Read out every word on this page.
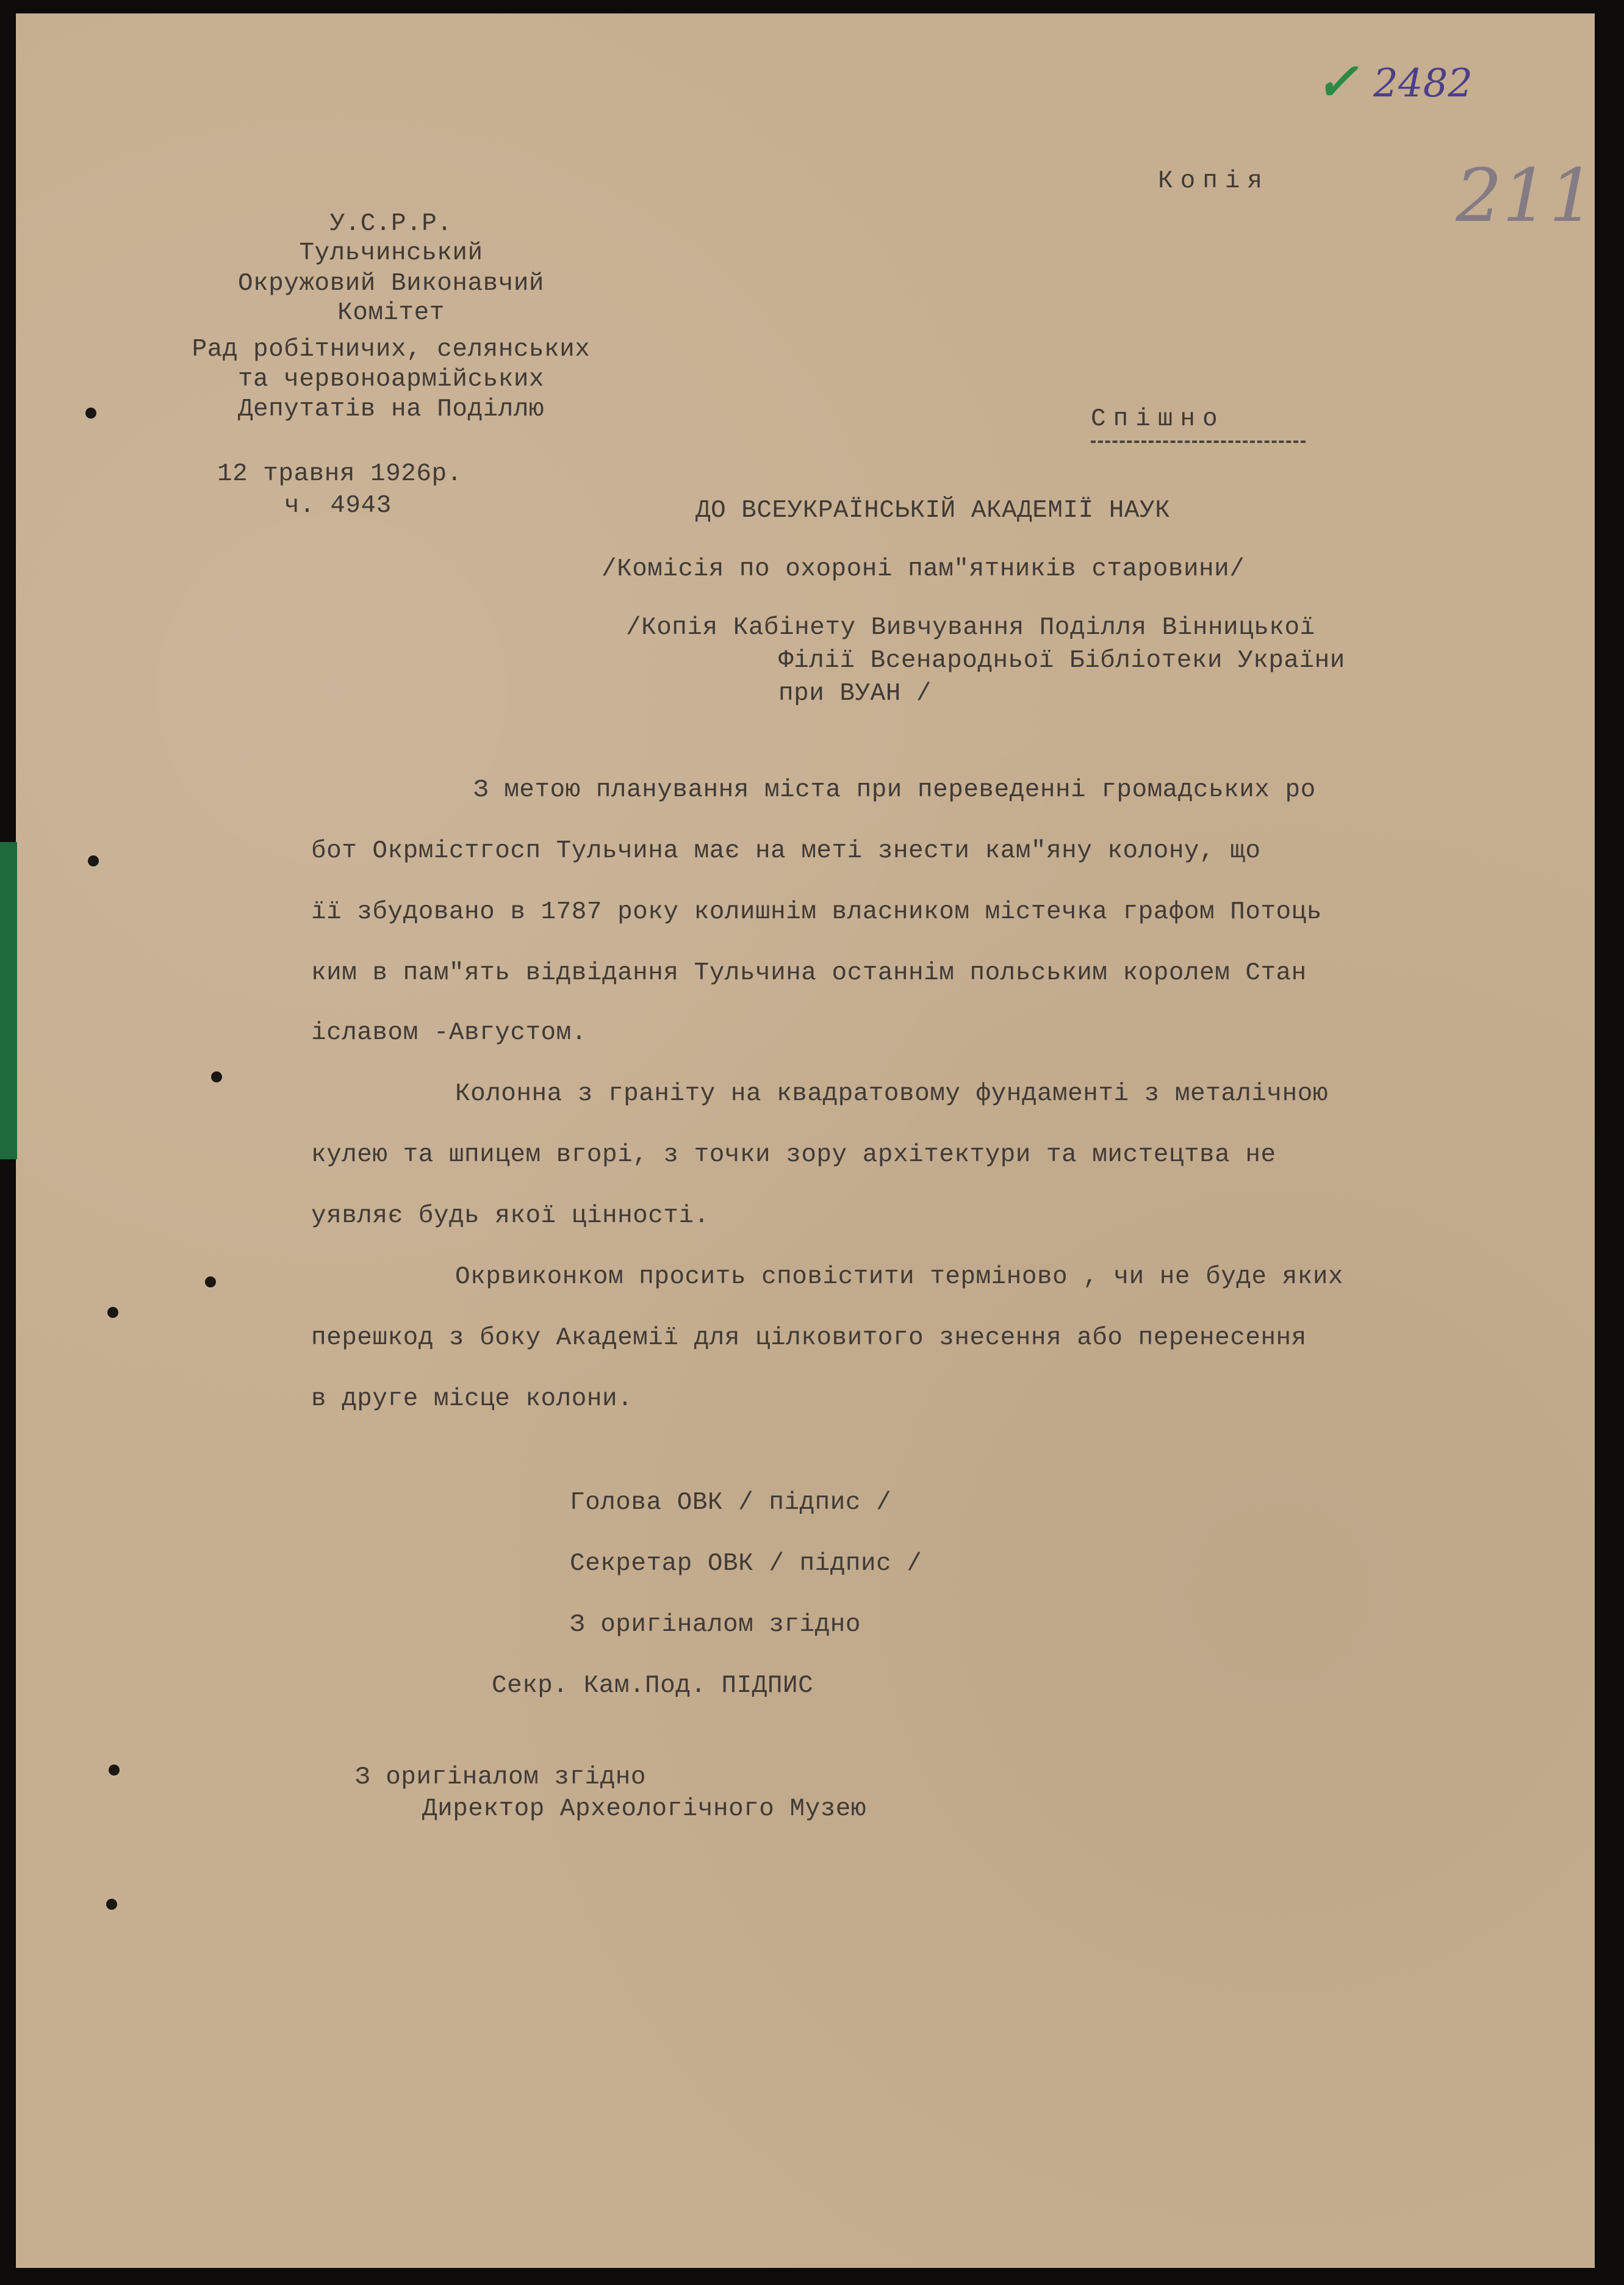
✓ 2482
211
Копія
У.С.Р.Р.
Тульчинський
Окружовий Виконавчий
Комітет
Рад робітничих, селянських
та червоноармійських
Депутатів на Поділлю
12 травня 1926р.
ч. 4943
Спішно
ДО ВСЕУКРАЇНСЬКІЙ АКАДЕМІЇ НАУК
/Комісія по охороні пам"ятників старовини/
/Копія Кабінету Вивчування Поділля Вінницької
Філії Всенародньої Бібліотеки України
при ВУАН /
З метою планування міста при переведенні громадських ро
бот Окрмістгосп Тульчина має на меті знести кам"яну колону, що
її збудовано в 1787 року колишнім власником містечка графом Потоць
ким в пам"ять відвідання Тульчина останнім польським королем Стан
іславом -Августом.
Колонна з граніту на квадратовому фундаменті з металічною
кулею та шпицем вгорі, з точки зору архітектури та мистецтва не
уявляє будь якої цінності.
Окрвиконком просить сповістити терміново , чи не буде яких
перешкод з боку Академії для цілковитого знесення або перенесення
в друге місце колони.
Голова ОВК / підпис /
Секретар ОВК / підпис /
З оригіналом згідно
Секр. Кам.Под. ПІДПИС
З оригіналом згідно
Директор Археологічного Музею
